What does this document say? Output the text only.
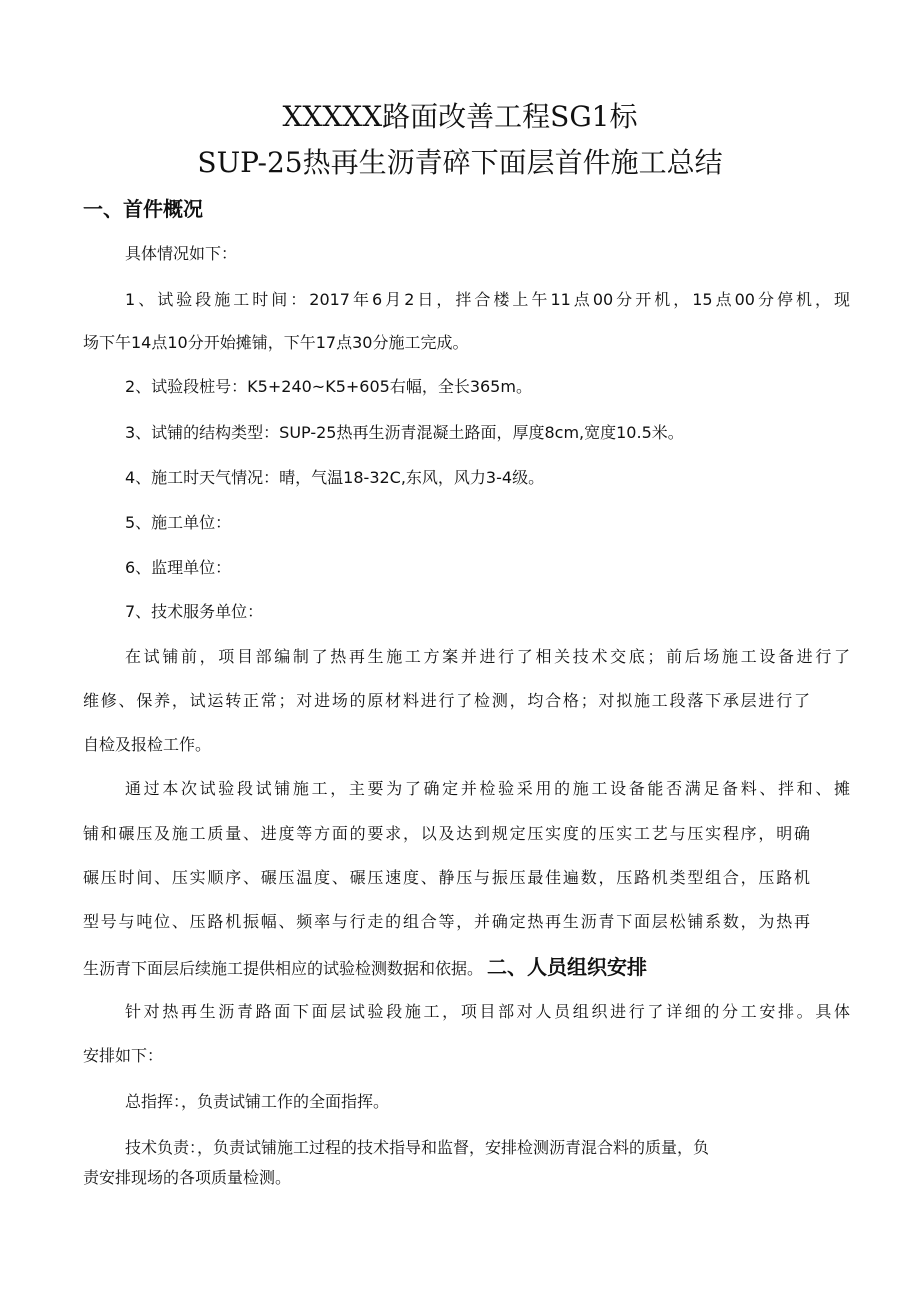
XXXXX路面改善工程SG1标
SUP-25热再生沥青碎下面层首件施工总结
一、首件概况

具体情况如下：

1、试验段施工时间：2017年6月2日，拌合楼上午11点00分开机，15点00分停机，现

场下午14点10分开始摊铺，下午17点30分施工完成。

2、试验段桩号：K5+240~K5+605右幅，全长365m。

3、试铺的结构类型：SUP-25热再生沥青混凝土路面，厚度8cm,宽度10.5米。

4、施工时天气情况：晴，气温18-32C,东风，风力3-4级。

5、施工单位：

6、监理单位：

7、技术服务单位：

在试铺前，项目部编制了热再生施工方案并进行了相关技术交底；前后场施工设备进行了

维修、保养，试运转正常；对进场的原材料进行了检测，均合格；对拟施工段落下承层进行了

自检及报检工作。

通过本次试验段试铺施工，主要为了确定并检验采用的施工设备能否满足备料、拌和、摊

铺和碾压及施工质量、进度等方面的要求，以及达到规定压实度的压实工艺与压实程序，明确

碾压时间、压实顺序、碾压温度、碾压速度、静压与振压最佳遍数，压路机类型组合，压路机

型号与吨位、压路机振幅、频率与行走的组合等，并确定热再生沥青下面层松铺系数，为热再

生沥青下面层后续施工提供相应的试验检测数据和依据。 二、人员组织安排

针对热再生沥青路面下面层试验段施工，项目部对人员组织进行了详细的分工安排。具体

安排如下：

总指挥：，负责试铺工作的全面指挥。

技术负责：，负责试铺施工过程的技术指导和监督，安排检测沥青混合料的质量，负

责安排现场的各项质量检测。
